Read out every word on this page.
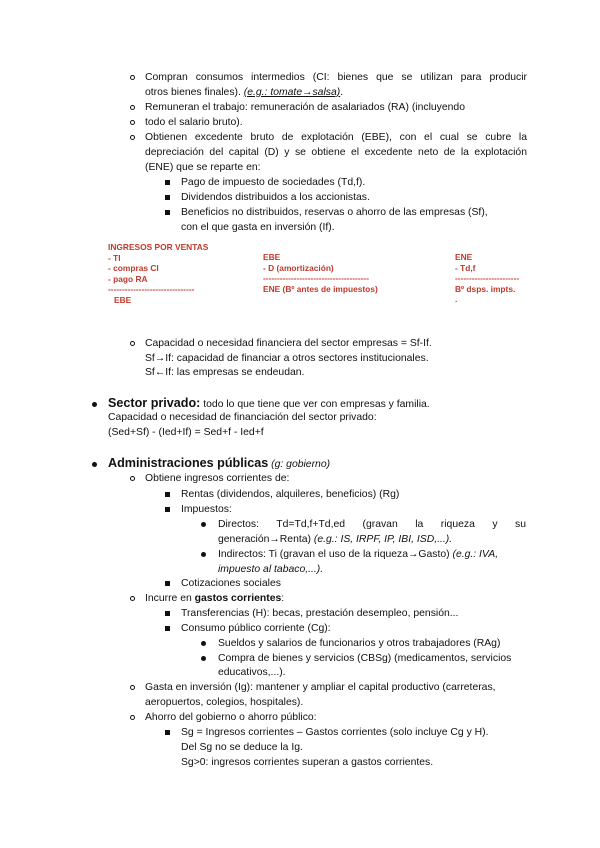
Compran consumos intermedios (CI: bienes que se utilizan para producir
otros bienes finales). (e.g.: tomate→salsa).
Remuneran el trabajo: remuneración de asalariados (RA) (incluyendo
todo el salario bruto).
Obtienen excedente bruto de explotación (EBE), con el cual se cubre la
depreciación del capital (D) y se obtiene el excedente neto de la explotación
(ENE) que se reparte en:
Pago de impuesto de sociedades (Td,f).
Dividendos distribuidos a los accionistas.
Beneficios no distribuidos, reservas o ahorro de las empresas (Sf),
con el que gasta en inversión (If).
INGRESOS POR VENTAS
- TI
- compras CI
- pago RA
-------------------------------
EBE
EBE
- D (amortización)
--------------------------------------
ENE (Bº antes de impuestos)
ENE
- Td,f
-----------------------
Bº dsps. impts.
.
Capacidad o necesidad financiera del sector empresas = Sf-If.
Sf→If: capacidad de financiar a otros sectores institucionales.
Sf←If: las empresas se endeudan.
Sector privado: todo lo que tiene que ver con empresas y familia.
Capacidad o necesidad de financiación del sector privado:
(Sed+Sf) - (Ied+If) = Sed+f - Ied+f
Administraciones públicas (g: gobierno)
Obtiene ingresos corrientes de:
Rentas (dividendos, alquileres, beneficios) (Rg)
Impuestos:
Directos: Td=Td,f+Td,ed (gravan la riqueza y su
generación→Renta) (e.g.: IS, IRPF, IP, IBI, ISD,...).
Indirectos: Ti (gravan el uso de la riqueza→Gasto) (e.g.: IVA,
impuesto al tabaco,...).
Cotizaciones sociales
Incurre en gastos corrientes:
Transferencias (H): becas, prestación desempleo, pensión...
Consumo público corriente (Cg):
Sueldos y salarios de funcionarios y otros trabajadores (RAg)
Compra de bienes y servicios (CBSg) (medicamentos, servicios
educativos,...).
Gasta en inversión (Ig): mantener y ampliar el capital productivo (carreteras,
aeropuertos, colegios, hospitales).
Ahorro del gobierno o ahorro público:
Sg = Ingresos corrientes – Gastos corrientes (solo incluye Cg y H).
Del Sg no se deduce la Ig.
Sg>0: ingresos corrientes superan a gastos corrientes.
